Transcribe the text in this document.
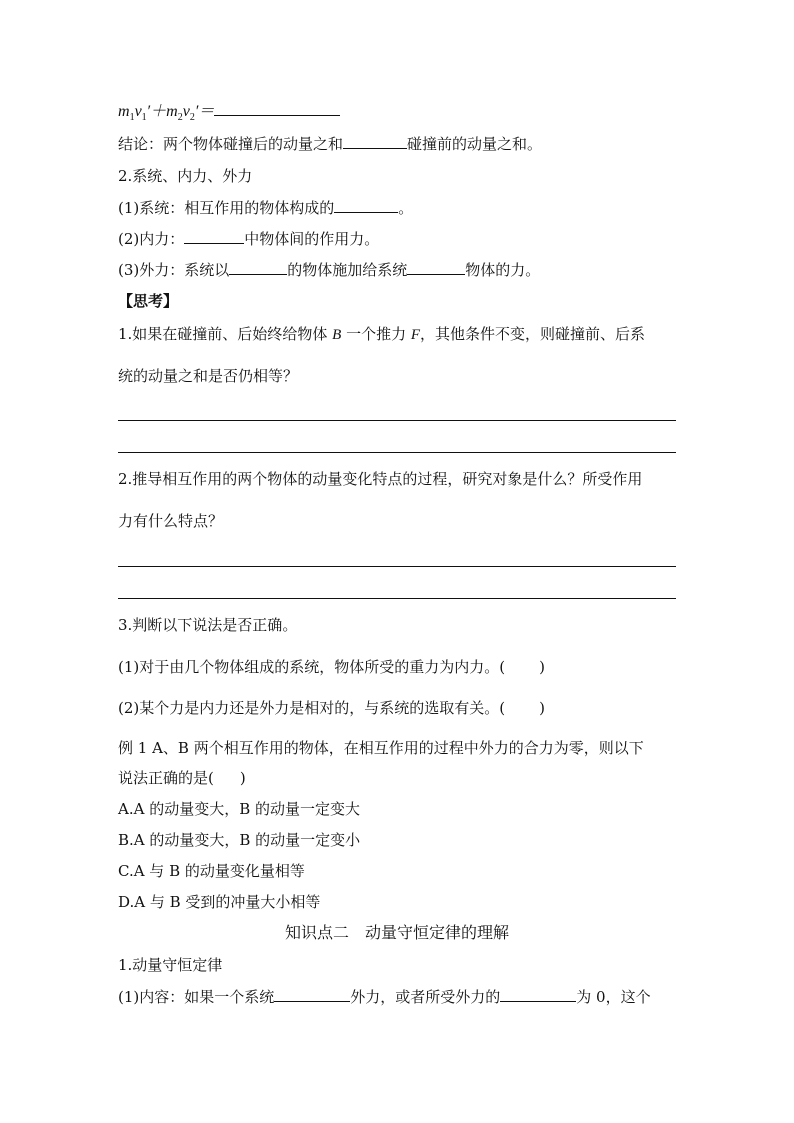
$m_1v_1'+m_2v_2'=$
结论：两个物体碰撞后的动量之和	碰撞前的动量之和。
2.系统、内力、外力
(1)系统：相互作用的物体构成的	。
(2)内力：	中物体间的作用力。
(3)外力：系统以	的物体施加给系统	物体的力。
【思考】
1.如果在碰撞前、后始终给物体 B 一个推力 F，其他条件不变，则碰撞前、后系
统的动量之和是否仍相等？
2.推导相互作用的两个物体的动量变化特点的过程，研究对象是什么？所受作用
力有什么特点？
3.判断以下说法是否正确。
(1)对于由几个物体组成的系统，物体所受的重力为内力。( )
(2)某个力是内力还是外力是相对的，与系统的选取有关。( )
例 1 A、B 两个相互作用的物体，在相互作用的过程中外力的合力为零，则以下
说法正确的是( )
A.A 的动量变大，B 的动量一定变大
B.A 的动量变大，B 的动量一定变小
C.A 与 B 的动量变化量相等
D.A 与 B 受到的冲量大小相等
知识点二　动量守恒定律的理解
1.动量守恒定律
(1)内容：如果一个系统	外力，或者所受外力的	为 0，这个
